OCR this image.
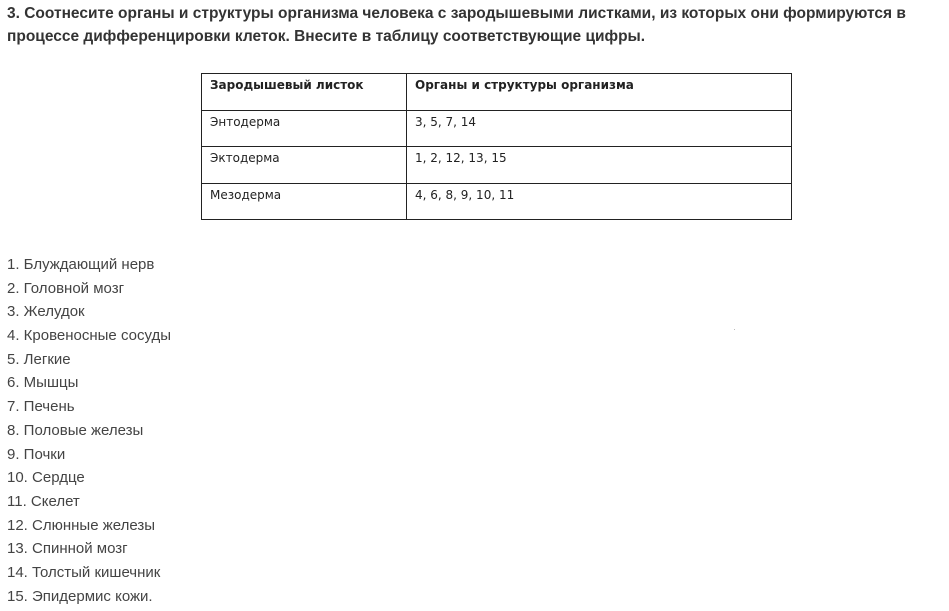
3. Соотнесите органы и структуры организма человека с зародышевыми листками, из которых они формируются в
процессе дифференцировки клеток. Внесите в таблицу соответствующие цифры.
Зародышевый листок	Органы и структуры организма
Энтодерма	3, 5, 7, 14
Эктодерма	1, 2, 12, 13, 15
Мезодерма	4, 6, 8, 9, 10, 11
1. Блуждающий нерв
2. Головной мозг
3. Желудок
4. Кровеносные сосуды
5. Легкие
6. Мышцы
7. Печень
8. Половые железы
9. Почки
10. Сердце
11. Скелет
12. Слюнные железы
13. Спинной мозг
14. Толстый кишечник
15. Эпидермис кожи.
